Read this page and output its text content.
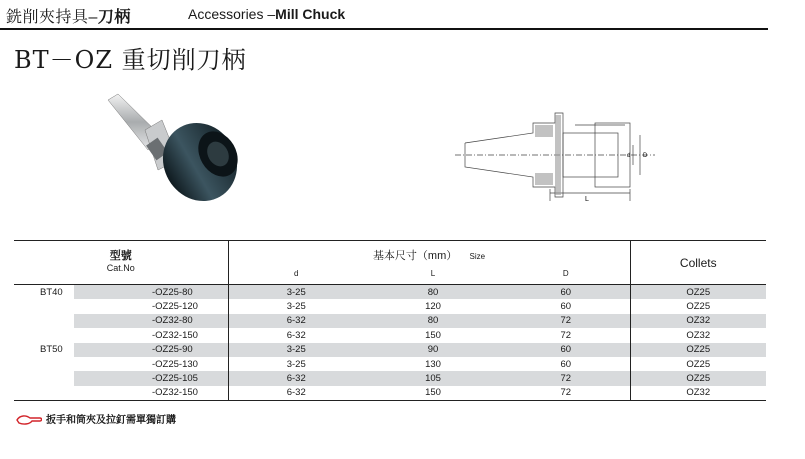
銑削夾持具–刀柄	Accessories –Mill Chuck
BT－OZ 重切削刀柄
L
d D
型號		基本尺寸（mm） Size			Collets
Cat.No		d	L	D	

BT40	-OZ25-80	3-25	80	60	OZ25
	-OZ25-120	3-25	120	60	OZ25
	-OZ32-80	6-32	80	72	OZ32
	-OZ32-150	6-32	150	72	OZ32
BT50	-OZ25-90	3-25	90	60	OZ25
	-OZ25-130	3-25	130	60	OZ25
	-OZ25-105	6-32	105	72	OZ25
	-OZ32-150	6-32	150	72	OZ32
扳手和筒夾及拉釘需單獨訂購
